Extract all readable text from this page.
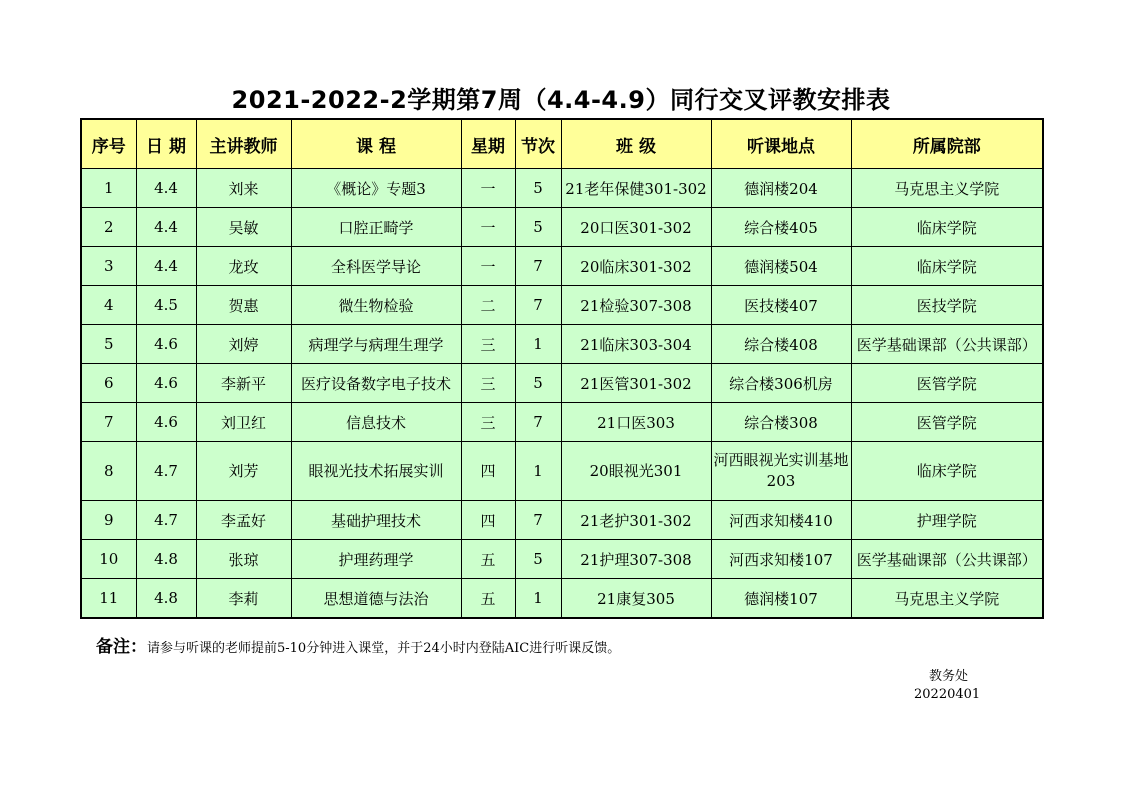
2021-2022-2学期第7周（4.4-4.9）同行交叉评教安排表
序号	日 期	主讲教师	课 程	星期	节次	班 级	听课地点	所属院部
1	4.4	刘来	《概论》专题3	一	5	21老年保健301-302	德润楼204	马克思主义学院
2	4.4	吴敏	口腔正畸学	一	5	20口医301-302	综合楼405	临床学院
3	4.4	龙玫	全科医学导论	一	7	20临床301-302	德润楼504	临床学院
4	4.5	贺惠	微生物检验	二	7	21检验307-308	医技楼407	医技学院
5	4.6	刘婷	病理学与病理生理学	三	1	21临床303-304	综合楼408	医学基础课部（公共课部）
6	4.6	李新平	医疗设备数字电子技术	三	5	21医管301-302	综合楼306机房	医管学院
7	4.6	刘卫红	信息技术	三	7	21口医303	综合楼308	医管学院
8	4.7	刘芳	眼视光技术拓展实训	四	1	20眼视光301	河西眼视光实训基地203	临床学院
9	4.7	李孟好	基础护理技术	四	7	21老护301-302	河西求知楼410	护理学院
10	4.8	张琼	护理药理学	五	5	21护理307-308	河西求知楼107	医学基础课部（公共课部）
11	4.8	李莉	思想道德与法治	五	1	21康复305	德润楼107	马克思主义学院
备注：请参与听课的老师提前5-10分钟进入课堂，并于24小时内登陆AIC进行听课反馈。
教务处
20220401
